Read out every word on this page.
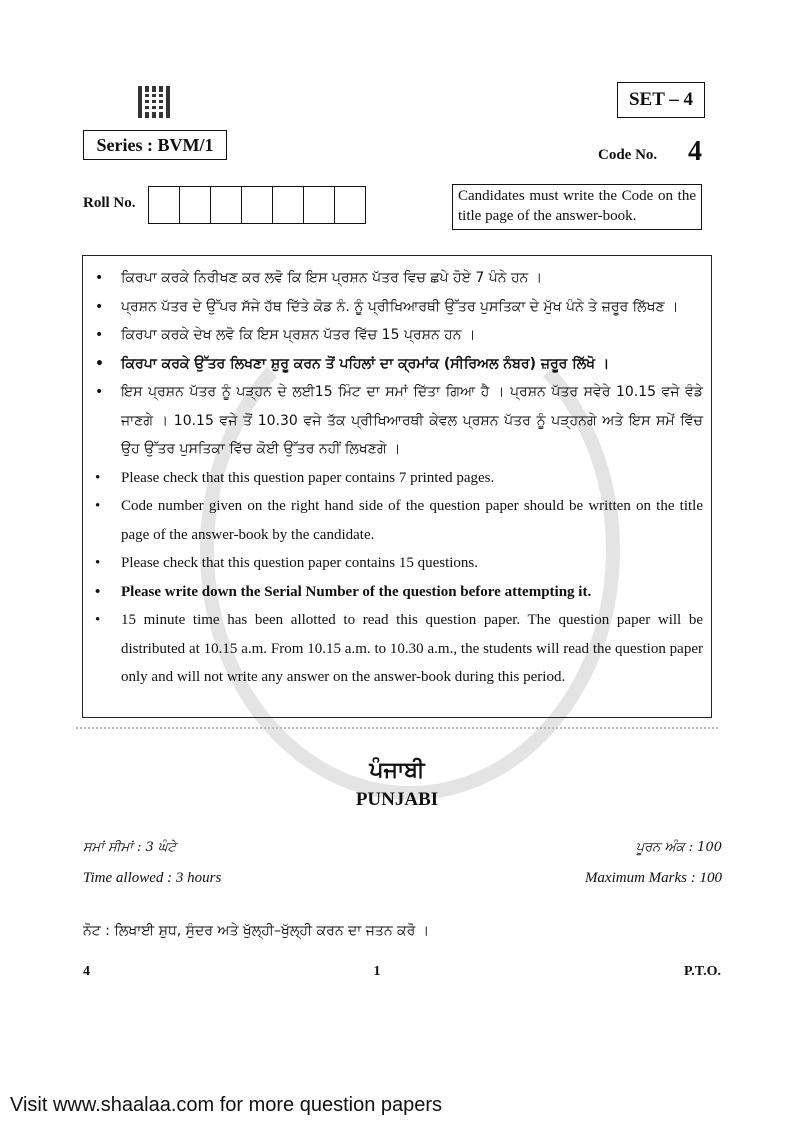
SET – 4
Series : BVM/1
Code No. 4
Roll No.	Candidates must write the Code on the title page of the answer-book.
• ਕਿਰਪਾ ਕਰਕੇ ਨਿਰੀਖਣ ਕਰ ਲਵੋ ਕਿ ਇਸ ਪ੍ਰਸ਼ਨ ਪੱਤਰ ਵਿਚ ਛਪੇ ਹੋਏ 7 ਪੰਨੇ ਹਨ ।
• ਪ੍ਰਸ਼ਨ ਪੱਤਰ ਦੇ ਉੱਪਰ ਸੱਜੇ ਹੱਥ ਦਿੱਤੇ ਕੋਡ ਨੰ. ਨੂੰ ਪ੍ਰੀਖਿਆਰਥੀ ਉੱਤਰ ਪੁਸਤਿਕਾ ਦੇ ਮੁੱਖ ਪੰਨੇ ਤੇ ਜ਼ਰੂਰ ਲਿੱਖਣ ।
• ਕਿਰਪਾ ਕਰਕੇ ਦੇਖ ਲਵੋ ਕਿ ਇਸ ਪ੍ਰਸ਼ਨ ਪੱਤਰ ਵਿੱਚ 15 ਪ੍ਰਸ਼ਨ ਹਨ ।
• ਕਿਰਪਾ ਕਰਕੇ ਉੱਤਰ ਲਿਖਣਾ ਸ਼ੁਰੂ ਕਰਨ ਤੋਂ ਪਹਿਲਾਂ ਦਾ ਕ੍ਰਮਾਂਕ (ਸੀਰਿਅਲ ਨੰਬਰ) ਜ਼ਰੂਰ ਲਿੱਖੋ ।
• ਇਸ ਪ੍ਰਸ਼ਨ ਪੱਤਰ ਨੂੰ ਪੜ੍ਹਨ ਦੇ ਲਈ15 ਮਿੰਟ ਦਾ ਸਮਾਂ ਦਿੱਤਾ ਗਿਆ ਹੈ । ਪ੍ਰਸ਼ਨ ਪੱਤਰ ਸਵੇਰੇ 10.15 ਵਜੇ ਵੰਡੇ ਜਾਣਗੇ । 10.15 ਵਜੇ ਤੋਂ 10.30 ਵਜੇ ਤੱਕ ਪ੍ਰੀਖਿਆਰਥੀ ਕੇਵਲ ਪ੍ਰਸ਼ਨ ਪੱਤਰ ਨੂੰ ਪੜ੍ਹਨਗੇ ਅਤੇ ਇਸ ਸਮੇਂ ਵਿੱਚ ਉਹ ਉੱਤਰ ਪੁਸਤਿਕਾ ਵਿੱਚ ਕੋਈ ਉੱਤਰ ਨਹੀਂ ਲਿਖਣਗੇ ।
• Please check that this question paper contains 7 printed pages.
• Code number given on the right hand side of the question paper should be written on the title page of the answer-book by the candidate.
• Please check that this question paper contains 15 questions.
• Please write down the Serial Number of the question before attempting it.
• 15 minute time has been allotted to read this question paper. The question paper will be distributed at 10.15 a.m. From 10.15 a.m. to 10.30 a.m., the students will read the question paper only and will not write any answer on the answer-book during this period.
ਪੰਜਾਬੀ
PUNJABI
ਸਮਾਂ ਸੀਮਾਂ : 3 ਘੰਟੇ	ਪੂਰਨ ਅੰਕ : 100
Time allowed : 3 hours	Maximum Marks : 100
ਨੋਟ : ਲਿਖਾਈ ਸ਼ੁਧ, ਸੁੰਦਰ ਅਤੇ ਖੁੱਲ੍ਹੀ–ਖੁੱਲ੍ਹੀ ਕਰਨ ਦਾ ਜਤਨ ਕਰੋ ।
4	1	P.T.O.
Visit www.shaalaa.com for more question papers
